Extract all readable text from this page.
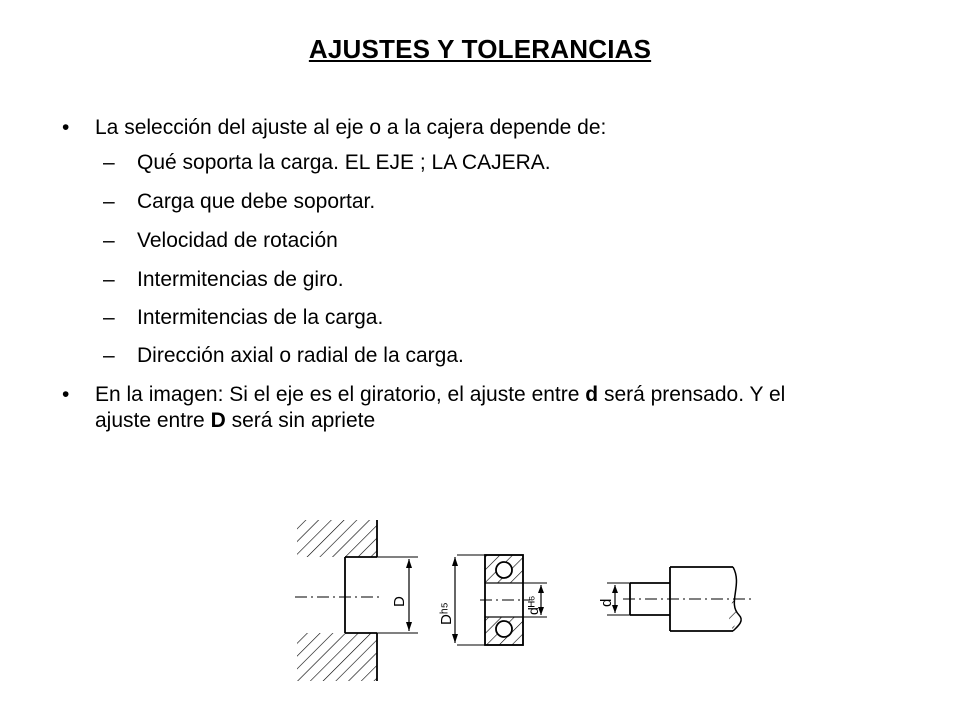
AJUSTES Y TOLERANCIAS
• La selección del ajuste al eje o a la cajera depende de:
– Qué soporta la carga. EL EJE ; LA CAJERA.
– Carga que debe soportar.
– Velocidad de rotación
– Intermitencias de giro.
– Intermitencias de la carga.
– Dirección axial o radial de la carga.
• En la imagen: Si el eje es el giratorio, el ajuste entre d será prensado. Y el ajuste entre D será sin apriete
D
Dʰ⁵	dᴴ⁶	d
